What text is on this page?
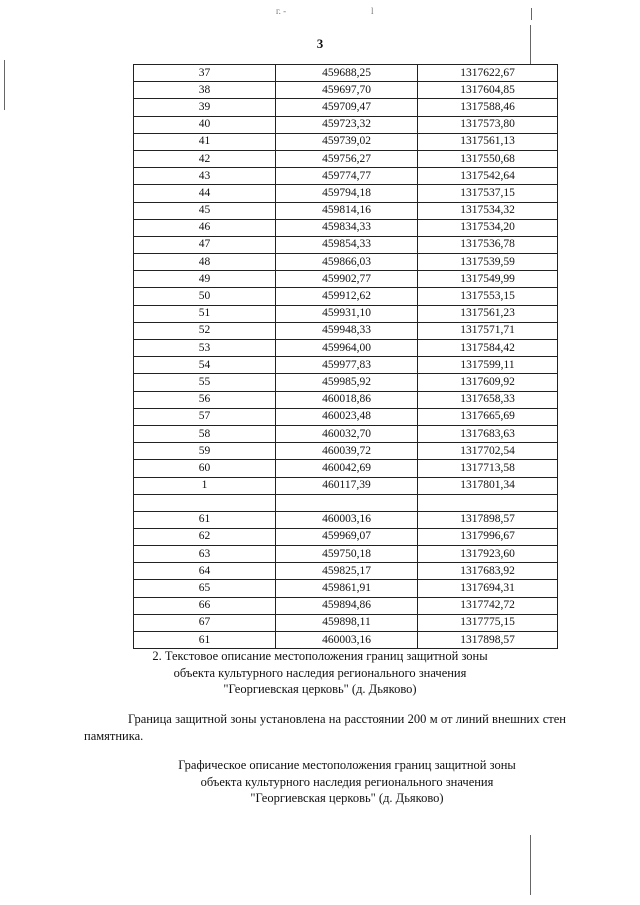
г. -	l
3
37	459688,25	1317622,67
38	459697,70	1317604,85
39	459709,47	1317588,46
40	459723,32	1317573,80
41	459739,02	1317561,13
42	459756,27	1317550,68
43	459774,77	1317542,64
44	459794,18	1317537,15
45	459814,16	1317534,32
46	459834,33	1317534,20
47	459854,33	1317536,78
48	459866,03	1317539,59
49	459902,77	1317549,99
50	459912,62	1317553,15
51	459931,10	1317561,23
52	459948,33	1317571,71
53	459964,00	1317584,42
54	459977,83	1317599,11
55	459985,92	1317609,92
56	460018,86	1317658,33
57	460023,48	1317665,69
58	460032,70	1317683,63
59	460039,72	1317702,54
60	460042,69	1317713,58
1	460117,39	1317801,34

61	460003,16	1317898,57
62	459969,07	1317996,67
63	459750,18	1317923,60
64	459825,17	1317683,92
65	459861,91	1317694,31
66	459894,86	1317742,72
67	459898,11	1317775,15
61	460003,16	1317898,57
2. Текстовое описание местоположения границ защитной зоны
объекта культурного наследия регионального значения
"Георгиевская церковь" (д. Дьяково)
Граница защитной зоны установлена на расстоянии 200 м от линий внешних стен памятника.
Графическое описание местоположения границ защитной зоны
объекта культурного наследия регионального значения
"Георгиевская церковь" (д. Дьяково)
